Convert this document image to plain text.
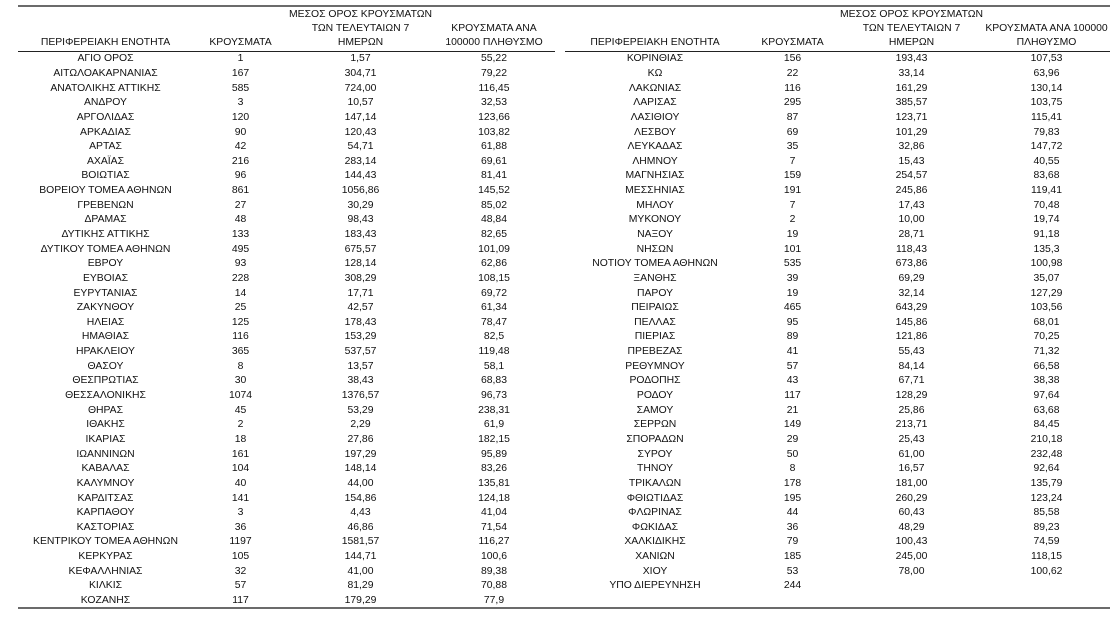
ΠΕΡΙΦΕΡΕΙΑΚΗ ΕΝΟΤΗΤΑ	ΚΡΟΥΣΜΑΤΑ	ΜΕΣΟΣ ΟΡΟΣ ΚΡΟΥΣΜΑΤΩΝ ΤΩΝ ΤΕΛΕΥΤΑΙΩΝ 7 ΗΜΕΡΩΝ	ΚΡΟΥΣΜΑΤΑ ΑΝΑ 100000 ΠΛΗΘΥΣΜΟ
ΑΓΙΟ ΟΡΟΣ	1	1,57	55,22
ΑΙΤΩΛΟΑΚΑΡΝΑΝΙΑΣ	167	304,71	79,22
ΑΝΑΤΟΛΙΚΗΣ ΑΤΤΙΚΗΣ	585	724,00	116,45
ΑΝΔΡΟΥ	3	10,57	32,53
ΑΡΓΟΛΙΔΑΣ	120	147,14	123,66
ΑΡΚΑΔΙΑΣ	90	120,43	103,82
ΑΡΤΑΣ	42	54,71	61,88
ΑΧΑΪΑΣ	216	283,14	69,61
ΒΟΙΩΤΙΑΣ	96	144,43	81,41
ΒΟΡΕΙΟΥ ΤΟΜΕΑ ΑΘΗΝΩΝ	861	1056,86	145,52
ΓΡΕΒΕΝΩΝ	27	30,29	85,02
ΔΡΑΜΑΣ	48	98,43	48,84
ΔΥΤΙΚΗΣ ΑΤΤΙΚΗΣ	133	183,43	82,65
ΔΥΤΙΚΟΥ ΤΟΜΕΑ ΑΘΗΝΩΝ	495	675,57	101,09
ΕΒΡΟΥ	93	128,14	62,86
ΕΥΒΟΙΑΣ	228	308,29	108,15
ΕΥΡΥΤΑΝΙΑΣ	14	17,71	69,72
ΖΑΚΥΝΘΟΥ	25	42,57	61,34
ΗΛΕΙΑΣ	125	178,43	78,47
ΗΜΑΘΙΑΣ	116	153,29	82,5
ΗΡΑΚΛΕΙΟΥ	365	537,57	119,48
ΘΑΣΟΥ	8	13,57	58,1
ΘΕΣΠΡΩΤΙΑΣ	30	38,43	68,83
ΘΕΣΣΑΛΟΝΙΚΗΣ	1074	1376,57	96,73
ΘΗΡΑΣ	45	53,29	238,31
ΙΘΑΚΗΣ	2	2,29	61,9
ΙΚΑΡΙΑΣ	18	27,86	182,15
ΙΩΑΝΝΙΝΩΝ	161	197,29	95,89
ΚΑΒΑΛΑΣ	104	148,14	83,26
ΚΑΛΥΜΝΟΥ	40	44,00	135,81
ΚΑΡΔΙΤΣΑΣ	141	154,86	124,18
ΚΑΡΠΑΘΟΥ	3	4,43	41,04
ΚΑΣΤΟΡΙΑΣ	36	46,86	71,54
ΚΕΝΤΡΙΚΟΥ ΤΟΜΕΑ ΑΘΗΝΩΝ	1197	1581,57	116,27
ΚΕΡΚΥΡΑΣ	105	144,71	100,6
ΚΕΦΑΛΛΗΝΙΑΣ	32	41,00	89,38
ΚΙΛΚΙΣ	57	81,29	70,88
ΚΟΖΑΝΗΣ	117	179,29	77,9
ΠΕΡΙΦΕΡΕΙΑΚΗ ΕΝΟΤΗΤΑ	ΚΡΟΥΣΜΑΤΑ	ΜΕΣΟΣ ΟΡΟΣ ΚΡΟΥΣΜΑΤΩΝ ΤΩΝ ΤΕΛΕΥΤΑΙΩΝ 7 ΗΜΕΡΩΝ	ΚΡΟΥΣΜΑΤΑ ΑΝΑ 100000 ΠΛΗΘΥΣΜΟ
ΚΟΡΙΝΘΙΑΣ	156	193,43	107,53
ΚΩ	22	33,14	63,96
ΛΑΚΩΝΙΑΣ	116	161,29	130,14
ΛΑΡΙΣΑΣ	295	385,57	103,75
ΛΑΣΙΘΙΟΥ	87	123,71	115,41
ΛΕΣΒΟΥ	69	101,29	79,83
ΛΕΥΚΑΔΑΣ	35	32,86	147,72
ΛΗΜΝΟΥ	7	15,43	40,55
ΜΑΓΝΗΣΙΑΣ	159	254,57	83,68
ΜΕΣΣΗΝΙΑΣ	191	245,86	119,41
ΜΗΛΟΥ	7	17,43	70,48
ΜΥΚΟΝΟΥ	2	10,00	19,74
ΝΑΞΟΥ	19	28,71	91,18
ΝΗΣΩΝ	101	118,43	135,3
ΝΟΤΙΟΥ ΤΟΜΕΑ ΑΘΗΝΩΝ	535	673,86	100,98
ΞΑΝΘΗΣ	39	69,29	35,07
ΠΑΡΟΥ	19	32,14	127,29
ΠΕΙΡΑΙΩΣ	465	643,29	103,56
ΠΕΛΛΑΣ	95	145,86	68,01
ΠΙΕΡΙΑΣ	89	121,86	70,25
ΠΡΕΒΕΖΑΣ	41	55,43	71,32
ΡΕΘΥΜΝΟΥ	57	84,14	66,58
ΡΟΔΟΠΗΣ	43	67,71	38,38
ΡΟΔΟΥ	117	128,29	97,64
ΣΑΜΟΥ	21	25,86	63,68
ΣΕΡΡΩΝ	149	213,71	84,45
ΣΠΟΡΑΔΩΝ	29	25,43	210,18
ΣΥΡΟΥ	50	61,00	232,48
ΤΗΝΟΥ	8	16,57	92,64
ΤΡΙΚΑΛΩΝ	178	181,00	135,79
ΦΘΙΩΤΙΔΑΣ	195	260,29	123,24
ΦΛΩΡΙΝΑΣ	44	60,43	85,58
ΦΩΚΙΔΑΣ	36	48,29	89,23
ΧΑΛΚΙΔΙΚΗΣ	79	100,43	74,59
ΧΑΝΙΩΝ	185	245,00	118,15
ΧΙΟΥ	53	78,00	100,62
ΥΠΟ ΔΙΕΡΕΥΝΗΣΗ	244		
